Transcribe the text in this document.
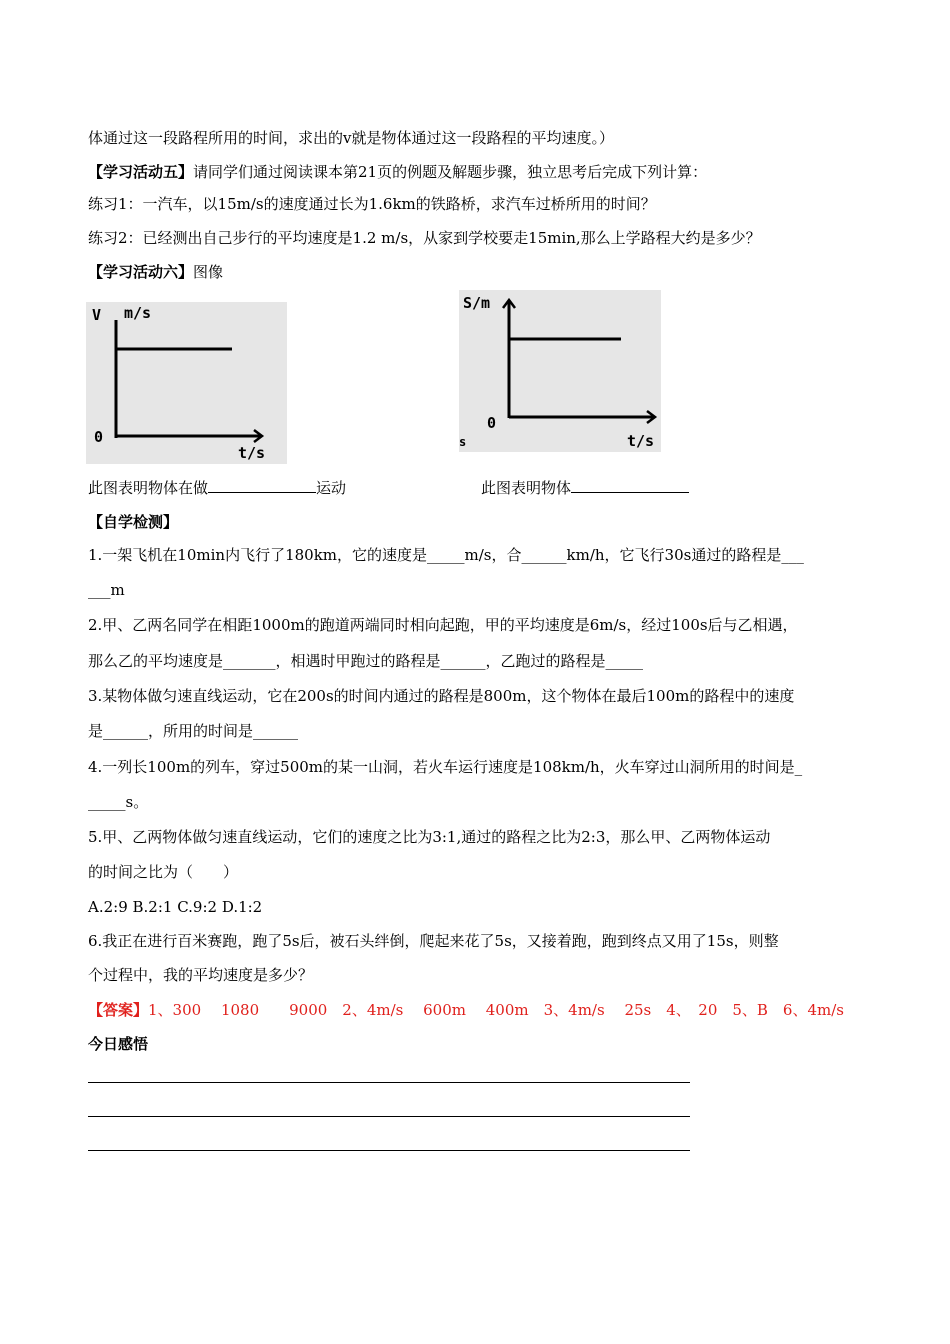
体通过这一段路程所用的时间，求出的v就是物体通过这一段路程的平均速度。）
【学习活动五】请同学们通过阅读课本第21页的例题及解题步骤，独立思考后完成下列计算：
练习1：一汽车，以15m/s的速度通过长为1.6km的铁路桥，求汽车过桥所用的时间？
练习2：已经测出自己步行的平均速度是1.2 m/s，从家到学校要走15min,那么上学路程大约是多少？
【学习活动六】图像
V m/s
0
t/s
S/m
0
t/s
s
此图表明物体在做	运动	此图表明物体
【自学检测】
1.一架飞机在10min内飞行了180km，它的速度是_____m/s，合______km/h，它飞行30s通过的路程是___
___m
2.甲、乙两名同学在相距1000m的跑道两端同时相向起跑，甲的平均速度是6m/s，经过100s后与乙相遇，
那么乙的平均速度是_______，相遇时甲跑过的路程是______，乙跑过的路程是_____
3.某物体做匀速直线运动，它在200s的时间内通过的路程是800m，这个物体在最后100m的路程中的速度
是______，所用的时间是______
4.一列长100m的列车，穿过500m的某一山洞，若火车运行速度是108km/h，火车穿过山洞所用的时间是_
_____s。
5.甲、乙两物体做匀速直线运动，它们的速度之比为3:1,通过的路程之比为2:3，那么甲、乙两物体运动
的时间之比为（　　）
A.2:9 B.2:1 C.9:2 D.1:2
6.我正在进行百米赛跑，跑了5s后，被石头绊倒，爬起来花了5s，又接着跑，跑到终点又用了15s，则整
个过程中，我的平均速度是多少？
【答案】1、300　 1080　　9000　2、4m/s　 600m　 400m　3、4m/s　 25s　4、　20　5、B　6、4m/s
今日感悟
